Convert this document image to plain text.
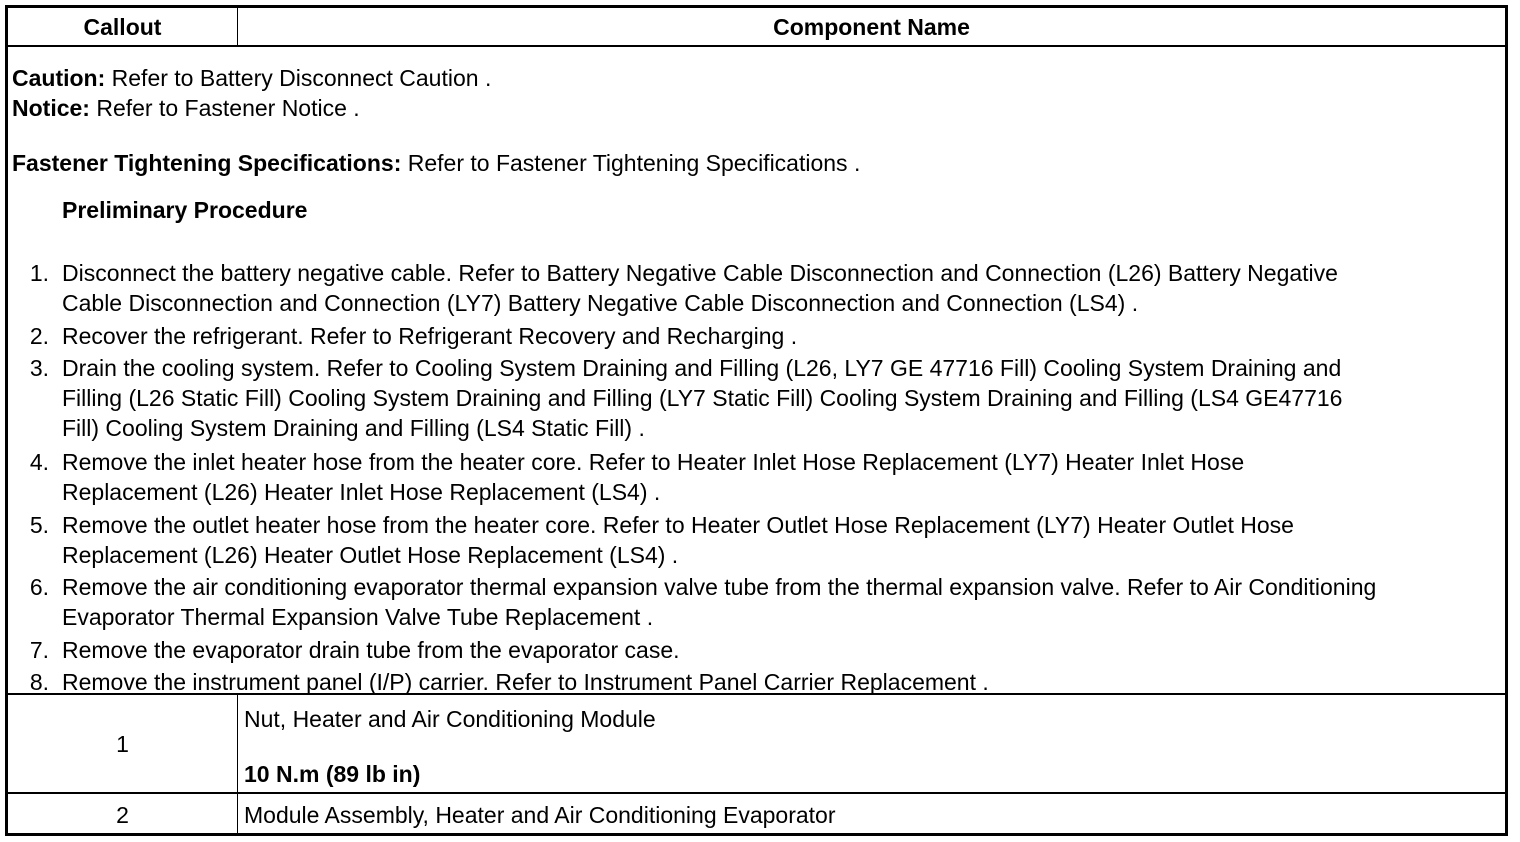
Callout	Component Name
Caution: Refer to Battery Disconnect Caution .
Notice: Refer to Fastener Notice .
Fastener Tightening Specifications: Refer to Fastener Tightening Specifications .
Preliminary Procedure
1. Disconnect the battery negative cable. Refer to Battery Negative Cable Disconnection and Connection (L26) Battery Negative
Cable Disconnection and Connection (LY7) Battery Negative Cable Disconnection and Connection (LS4) .
2. Recover the refrigerant. Refer to Refrigerant Recovery and Recharging .
3. Drain the cooling system. Refer to Cooling System Draining and Filling (L26, LY7 GE 47716 Fill) Cooling System Draining and
Filling (L26 Static Fill) Cooling System Draining and Filling (LY7 Static Fill) Cooling System Draining and Filling (LS4 GE47716
Fill) Cooling System Draining and Filling (LS4 Static Fill) .
4. Remove the inlet heater hose from the heater core. Refer to Heater Inlet Hose Replacement (LY7) Heater Inlet Hose
Replacement (L26) Heater Inlet Hose Replacement (LS4) .
5. Remove the outlet heater hose from the heater core. Refer to Heater Outlet Hose Replacement (LY7) Heater Outlet Hose
Replacement (L26) Heater Outlet Hose Replacement (LS4) .
6. Remove the air conditioning evaporator thermal expansion valve tube from the thermal expansion valve. Refer to Air Conditioning
Evaporator Thermal Expansion Valve Tube Replacement .
7. Remove the evaporator drain tube from the evaporator case.
8. Remove the instrument panel (I/P) carrier. Refer to Instrument Panel Carrier Replacement .
1
Nut, Heater and Air Conditioning Module
10 N.m (89 lb in)
2	Module Assembly, Heater and Air Conditioning Evaporator
